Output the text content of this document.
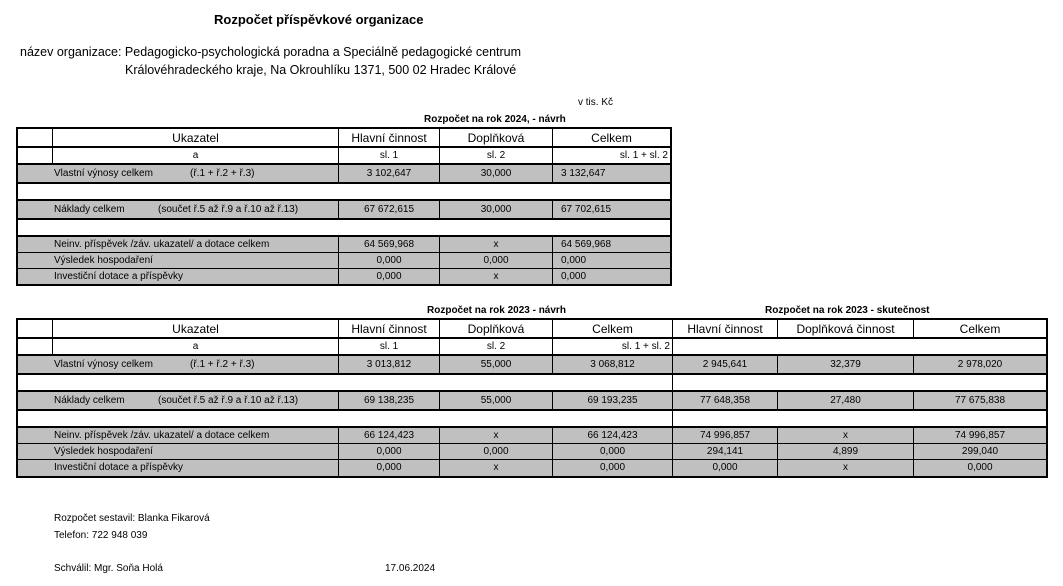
Rozpočet příspěvkové organizace
název organizace: Pedagogicko-psychologická poradna a Speciálně pedagogické centrum
Královéhradeckého kraje, Na Okrouhlíku 1371, 500 02 Hradec Králové
v tis. Kč
Rozpočet na rok 2024, - návrh
Ukazatel	Hlavní činnost	Doplňková	Celkem
a	sl. 1	sl. 2	sl. 1 + sl. 2
Vlastní výnosy celkem	(ř.1 + ř.2 + ř.3)	3 102,647	30,000	3 132,647
Náklady celkem	(součet ř.5 až ř.9 a ř.10 až ř.13)	67 672,615	30,000	67 702,615
Neinv. příspěvek /záv. ukazatel/ a dotace celkem	64 569,968	x	64 569,968
Výsledek hospodaření	0,000	0,000	0,000
Investiční dotace a příspěvky	0,000	x	0,000
Rozpočet na rok 2023 - návrh	Rozpočet na rok 2023 - skutečnost
Ukazatel	Hlavní činnost	Doplňková	Celkem	Hlavní činnost	Doplňková činnost	Celkem
a	sl. 1	sl. 2	sl. 1 + sl. 2
Vlastní výnosy celkem	(ř.1 + ř.2 + ř.3)	3 013,812	55,000	3 068,812	2 945,641	32,379	2 978,020
Náklady celkem	(součet ř.5 až ř.9 a ř.10 až ř.13)	69 138,235	55,000	69 193,235	77 648,358	27,480	77 675,838
Neinv. příspěvek /záv. ukazatel/ a dotace celkem	66 124,423	x	66 124,423	74 996,857	x	74 996,857
Výsledek hospodaření	0,000	0,000	0,000	294,141	4,899	299,040
Investiční dotace a příspěvky	0,000	x	0,000	0,000	x	0,000
Rozpočet sestavil: Blanka Fikarová
Telefon: 722 948 039
Schválil: Mgr. Soňa Holá	17.06.2024
